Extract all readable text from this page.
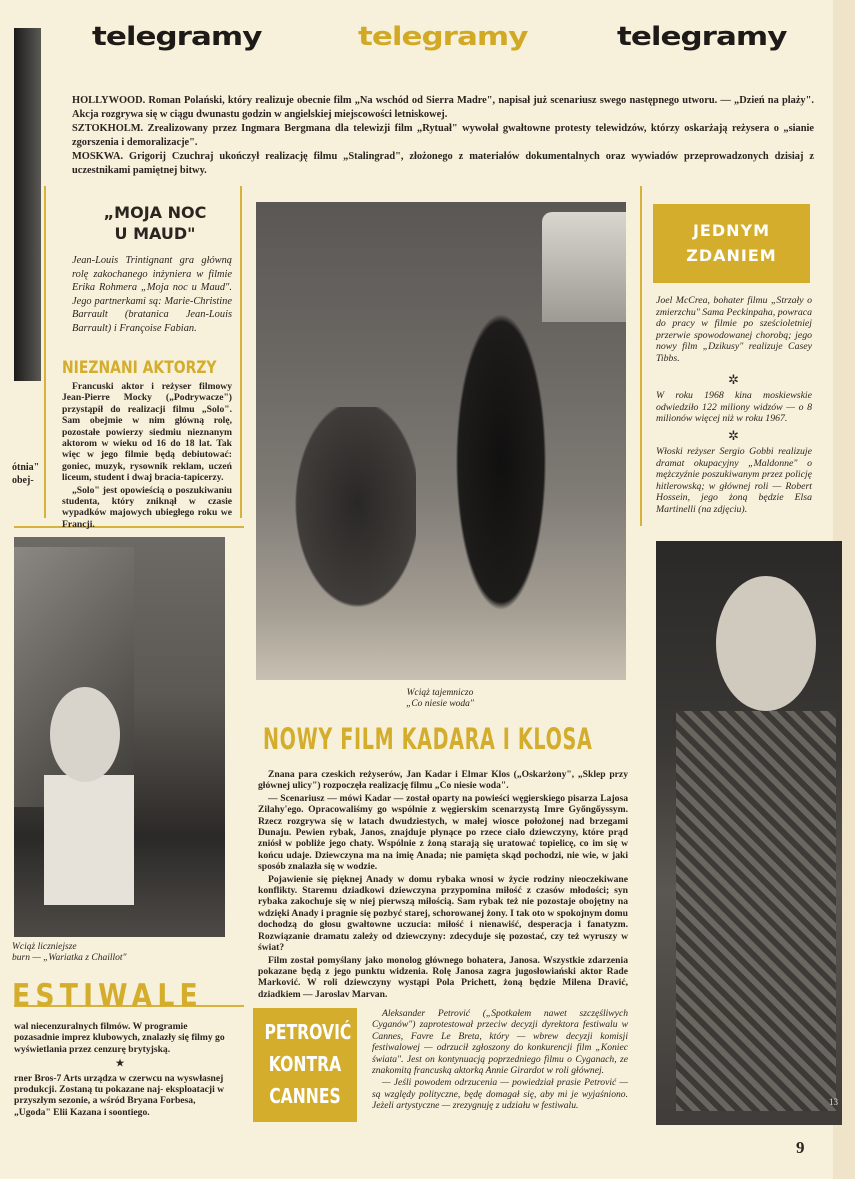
telegramy	telegramy	telegramy

HOLLYWOOD. Roman Polański, który realizuje obecnie film „Na wschód od Sierra Madre", napisał już scenariusz swego następnego utworu. — „Dzień na plaży". Akcja rozgrywa się w ciągu dwunastu godzin w angielskiej miejscowości letniskowej.

SZTOKHOLM. Zrealizowany przez Ingmara Bergmana dla telewizji film „Rytuał" wywołał gwałtowne protesty telewidzów, którzy oskarżają reżysera o „sianie zgorszenia i demoralizacje".

MOSKWA. Grigorij Czuchraj ukończył realizację filmu „Stalingrad", złożonego z materiałów dokumentalnych oraz wywiadów przeprowadzonych dzisiaj z uczestnikami pamiętnej bitwy.

ótnia"
obej-
„MOJA NOC
U MAUD"
Jean-Louis Trintignant gra główną rolę zakochanego inżyniera w filmie Erika Rohmera „Moja noc u Maud". Jego partnerkami są: Marie-Christine Barrault (bratanica Jean-Louis Barrault) i Françoise Fabian.
NIEZNANI AKTORZY

Francuski aktor i reżyser filmowy Jean-Pierre Mocky („Podrywacze") przystąpił do realizacji filmu „Solo". Sam obejmie w nim główną rolę, pozostałe powierzy siedmiu nieznanym aktorom w wieku od 16 do 18 lat. Tak więc w jego filmie będą debiutować: goniec, muzyk, rysownik reklam, uczeń liceum, student i dwaj bracia-tapicerzy.

„Solo" jest opowieścią o poszukiwaniu studenta, który zniknął w czasie wypadków majowych ubiegłego roku we Francji.

Wciąż tajemniczo
„Co niesie woda"
JEDNYM
ZDANIEM
Joel McCrea, bohater filmu „Strzały o zmierzchu" Sama Peckinpaha, powraca do pracy w filmie po sześcioletniej przerwie spowodowanej chorobą; jego nowy film „Dzikusy" realizuje Casey Tibbs.
✲
W roku 1968 kina moskiewskie odwiedziło 122 miliony widzów — o 8 milionów więcej niż w roku 1967.
✲
Włoski reżyser Sergio Gobbi realizuje dramat okupacyjny „Maldonne" o mężczyźnie poszukiwanym przez policję hitlerowską; w głównej roli — Robert Hossein, jego żoną będzie Elsa Martinelli (na zdjęciu).
Wciąż liczniejsze
burn — „Wariatka z Chaillot"
13
NOWY FILM KADARA I KLOSA

Znana para czeskich reżyserów, Jan Kadar i Elmar Klos („Oskarżony", „Sklep przy głównej ulicy") rozpoczęła realizację filmu „Co niesie woda".

— Scenariusz — mówi Kadar — został oparty na powieści węgierskiego pisarza Lajosa Zilahy'ego. Opracowaliśmy go wspólnie z węgierskim scenarzystą Imre Győngőyssym. Rzecz rozgrywa się w latach dwudziestych, w małej wiosce położonej nad brzegami Dunaju. Pewien rybak, Janos, znajduje płynące po rzece ciało dziewczyny, które prąd zniósł w pobliże jego chaty. Wspólnie z żoną starają się uratować topielicę, co im się w końcu udaje. Dziewczyna ma na imię Anada; nie pamięta skąd pochodzi, nie wie, w jaki sposób znalazła się w wodzie.

Pojawienie się pięknej Anady w domu rybaka wnosi w życie rodziny nieoczekiwane konflikty. Staremu dziadkowi dziewczyna przypomina miłość z czasów młodości; syn rybaka zakochuje się w niej pierwszą miłością. Sam rybak też nie pozostaje obojętny na wdzięki Anady i pragnie się pozbyć starej, schorowanej żony. I tak oto w spokojnym domu dochodzą do głosu gwałtowne uczucia: miłość i nienawiść, desperacja i fanatyzm. Rozwiązanie dramatu zależy od dziewczyny: zdecyduje się pozostać, czy też wyruszy w świat?

Film został pomyślany jako monolog głównego bohatera, Janosa. Wszystkie zdarzenia pokazane będą z jego punktu widzenia. Rolę Janosa zagra jugosłowiański aktor Rade Marković. W roli dziewczyny wystąpi Pola Prichett, żoną będzie Milena Dravić, dziadkiem — Jaroslav Marvan.

ESTIWALE
wal niecenzuralnych filmów. W programie pozasadnie imprez klubowych, znalazły się filmy go wyświetlania przez cenzurę brytyjską.
★
rner Bros-7 Arts urządza w czerwcu na wyswłasnej produkcji. Zostaną tu pokazane naj- eksploatacji w przyszłym sezonie, a wśród Bryana Forbesa, „Ugoda" Elii Kazana i soontiego.
PETROVIĆ
KONTRA
CANNES

Aleksander Petrović („Spotkałem nawet szczęśliwych Cyganów") zaprotestował przeciw decyzji dyrektora festiwalu w Cannes, Favre Le Breta, który — wbrew decyzji komisji festiwalowej — odrzucił zgłoszony do konkurencji film „Koniec świata". Jest on kontynuacją poprzedniego filmu o Cyganach, ze znakomitą francuską aktorką Annie Girardot w roli głównej.

— Jeśli powodem odrzucenia — powiedział prasie Petrović — są względy polityczne, będę domagał się, aby mi je wyjaśniono. Jeżeli artystyczne — zrezygnuję z udziału w festiwalu.

9
